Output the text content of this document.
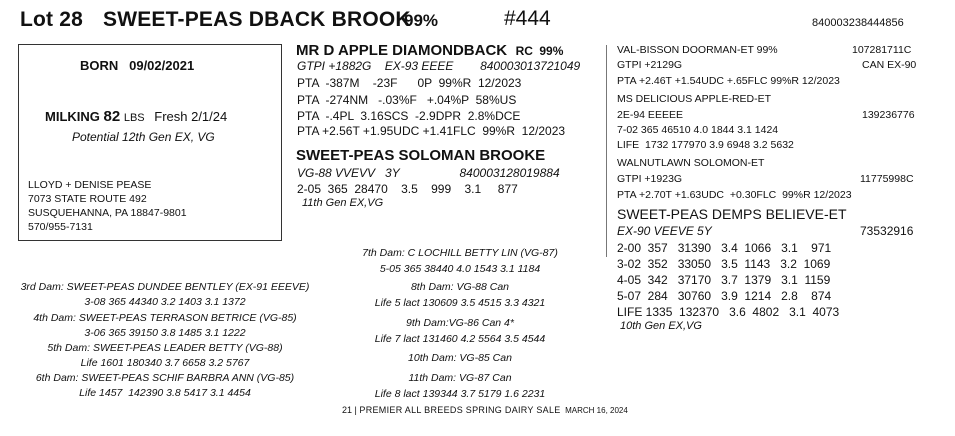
Lot 28 SWEET-PEAS DBACK BROOK
99%	#444	840003238444856
BORN   09/02/2021
MILKING 82 LBS Fresh 2/1/24
Potential 12th Gen EX, VG
LLOYD + DENISE PEASE
7073 STATE ROUTE 492
SUSQUEHANNA, PA 18847-9801
570/955-7131
MR D APPLE DIAMONDBACK RC 99%
GTPI +1882G    EX-93 EEEE        840003013721049
PTA  -387M    -23F      0P  99%R  12/2023
PTA  -274NM   -.03%F   +.04%P  58%US
PTA  -.4PL  3.16SCS  -2.9DPR  2.8%DCE
PTA +2.56T +1.95UDC +1.41FLC  99%R  12/2023
SWEET-PEAS SOLOMAN BROOKE
VG-88 VVEVV   3Y                  840003128019884
2-05  365  28470    3.5    999    3.1     877
11th Gen EX,VG
VAL-BISSON DOORMAN-ET 99%	107281711C
GTPI +2129G	CAN EX-90
PTA +2.46T +1.54UDC +.65FLC 99%R 12/2023
MS DELICIOUS APPLE-RED-ET
2E-94 EEEEE	139236776
7-02 365 46510 4.0 1844 3.1 1424
LIFE  1732 177970 3.9 6948 3.2 5632
WALNUTLAWN SOLOMON-ET
GTPI +1923G	11775998C
PTA +2.70T +1.63UDC  +0.30FLC  99%R 12/2023
SWEET-PEAS DEMPS BELIEVE-ET
EX-90 VEEVE 5Y	73532916
2-00  357   31390   3.4  1066   3.1    971
3-02  352   33050   3.5  1143   3.2  1069
4-05  342   37170   3.7  1379   3.1  1159
5-07  284   30760   3.9  1214   2.8    874
LIFE 1335  132370   3.6  4802   3.1  4073
10th Gen EX,VG
3rd Dam: SWEET-PEAS DUNDEE BENTLEY (EX-91 EEEVE)
3-08 365 44340 3.2 1403 3.1 1372
4th Dam: SWEET-PEAS TERRASON BETRICE (VG-85)
3-06 365 39150 3.8 1485 3.1 1222
5th Dam: SWEET-PEAS LEADER BETTY (VG-88)
Life 1601 180340 3.7 6658 3.2 5767
6th Dam: SWEET-PEAS SCHIF BARBRA ANN (VG-85)
Life 1457  142390 3.8 5417 3.1 4454
7th Dam: C LOCHILL BETTY LIN (VG-87)
5-05 365 38440 4.0 1543 3.1 1184
8th Dam: VG-88 Can
Life 5 lact 130609 3.5 4515 3.3 4321
9th Dam:VG-86 Can 4*
Life 7 lact 131460 4.2 5564 3.5 4544
10th Dam: VG-85 Can
11th Dam: VG-87 Can
Life 8 lact 139344 3.7 5179 1.6 2231
21 | PREMIER ALL BREEDS SPRING DAIRY SALE MARCH 16, 2024
